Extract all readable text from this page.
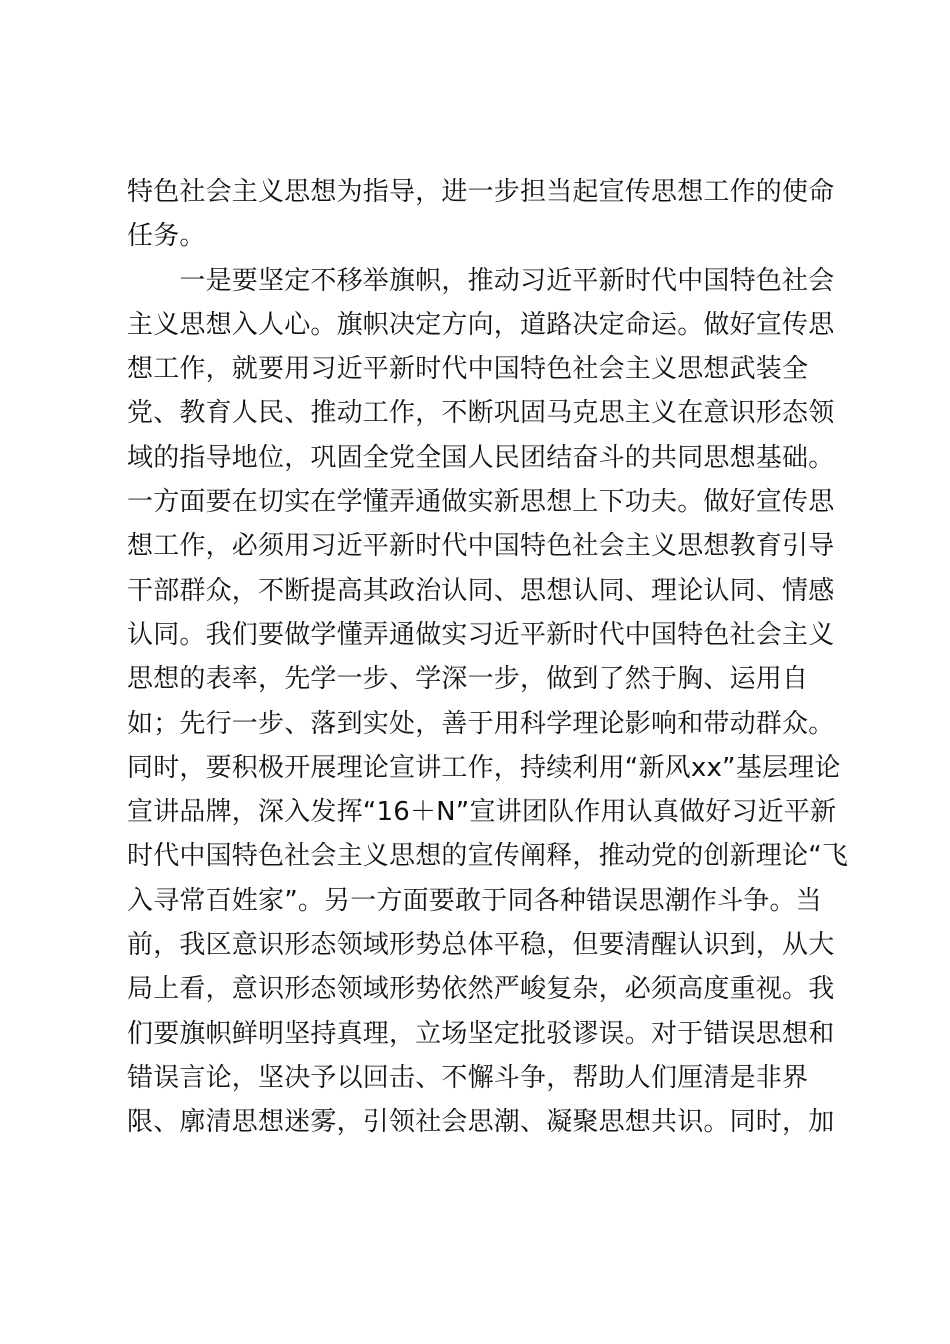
特色社会主义思想为指导，进一步担当起宣传思想工作的使命
任务。
　　一是要坚定不移举旗帜，推动习近平新时代中国特色社会
主义思想入人心。旗帜决定方向，道路决定命运。做好宣传思
想工作，就要用习近平新时代中国特色社会主义思想武装全
党、教育人民、推动工作，不断巩固马克思主义在意识形态领
域的指导地位，巩固全党全国人民团结奋斗的共同思想基础。
一方面要在切实在学懂弄通做实新思想上下功夫。做好宣传思
想工作，必须用习近平新时代中国特色社会主义思想教育引导
干部群众，不断提高其政治认同、思想认同、理论认同、情感
认同。我们要做学懂弄通做实习近平新时代中国特色社会主义
思想的表率，先学一步、学深一步，做到了然于胸、运用自
如；先行一步、落到实处，善于用科学理论影响和带动群众。
同时，要积极开展理论宣讲工作，持续利用“新风xx”基层理论
宣讲品牌，深入发挥“16＋N”宣讲团队作用认真做好习近平新
时代中国特色社会主义思想的宣传阐释，推动党的创新理论“飞
入寻常百姓家”。另一方面要敢于同各种错误思潮作斗争。当
前，我区意识形态领域形势总体平稳，但要清醒认识到，从大
局上看，意识形态领域形势依然严峻复杂，必须高度重视。我
们要旗帜鲜明坚持真理，立场坚定批驳谬误。对于错误思想和
错误言论，坚决予以回击、不懈斗争，帮助人们厘清是非界
限、廓清思想迷雾，引领社会思潮、凝聚思想共识。同时，加
